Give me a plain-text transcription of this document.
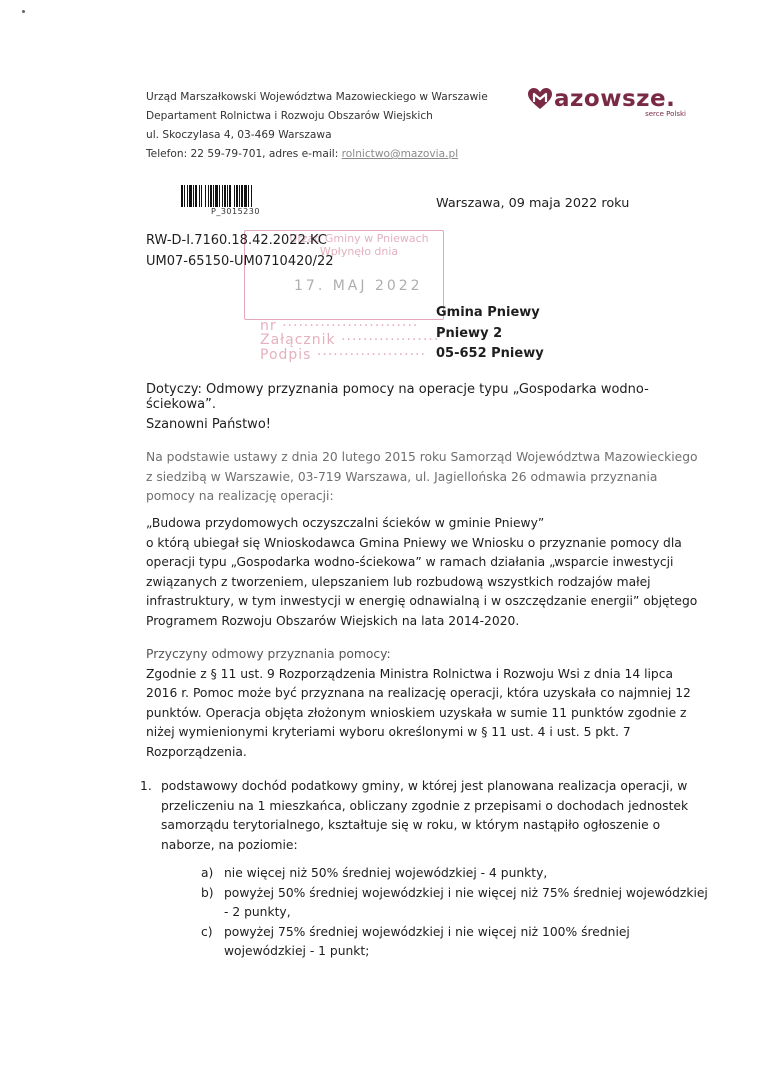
Urząd Marszałkowski Województwa Mazowieckiego w Warszawie
Departament Rolnictwa i Rozwoju Obszarów Wiejskich
ul. Skoczylasa 4, 03-469 Warszawa
Telefon: 22 59-79-701, adres e-mail: rolnictwo@mazovia.pl
azowsze.
serce Polski
P_3015230
Warszawa, 09 maja 2022 roku
Urząd Gminy w Pniewach Wpłynęło dnia
17. MAJ 2022
nr ·························
Załącznik ··················
Podpis ····················
RW-D-I.7160.18.42.2022.KC
UM07-65150-UM0710420/22
Gmina Pniewy
Pniewy 2
05-652 Pniewy
Dotyczy: Odmowy przyznania pomocy na operacje typu „Gospodarka wodno-ściekowa”.
Szanowni Państwo!
Na podstawie ustawy z dnia 20 lutego 2015 roku Samorząd Województwa Mazowieckiego z siedzibą w Warszawie, 03-719 Warszawa, ul. Jagiellońska 26 odmawia przyznania pomocy na realizację operacji:
„Budowa przydomowych oczyszczalni ścieków w gminie Pniewy”
o którą ubiegał się Wnioskodawca Gmina Pniewy we Wniosku o przyznanie pomocy dla operacji typu „Gospodarka wodno-ściekowa” w ramach działania „wsparcie inwestycji związanych z tworzeniem, ulepszaniem lub rozbudową wszystkich rodzajów małej infrastruktury, w tym inwestycji w energię odnawialną i w oszczędzanie energii” objętego Programem Rozwoju Obszarów Wiejskich na lata 2014-2020.
Przyczyny odmowy przyznania pomocy:
Zgodnie z § 11 ust. 9 Rozporządzenia Ministra Rolnictwa i Rozwoju Wsi z dnia 14 lipca 2016 r. Pomoc może być przyznana na realizację operacji, która uzyskała co najmniej 12 punktów. Operacja objęta złożonym wnioskiem uzyskała w sumie 11 punktów zgodnie z niżej wymienionymi kryteriami wyboru określonymi w § 11 ust. 4 i ust. 5 pkt. 7 Rozporządzenia.
1. podstawowy dochód podatkowy gminy, w której jest planowana realizacja operacji, w przeliczeniu na 1 mieszkańca, obliczany zgodnie z przepisami o dochodach jednostek samorządu terytorialnego, kształtuje się w roku, w którym nastąpiło ogłoszenie o naborze, na poziomie:
a) nie więcej niż 50% średniej wojewódzkiej - 4 punkty,
b) powyżej 50% średniej wojewódzkiej i nie więcej niż 75% średniej wojewódzkiej - 2 punkty,
c) powyżej 75% średniej wojewódzkiej i nie więcej niż 100% średniej wojewódzkiej - 1 punkt;
